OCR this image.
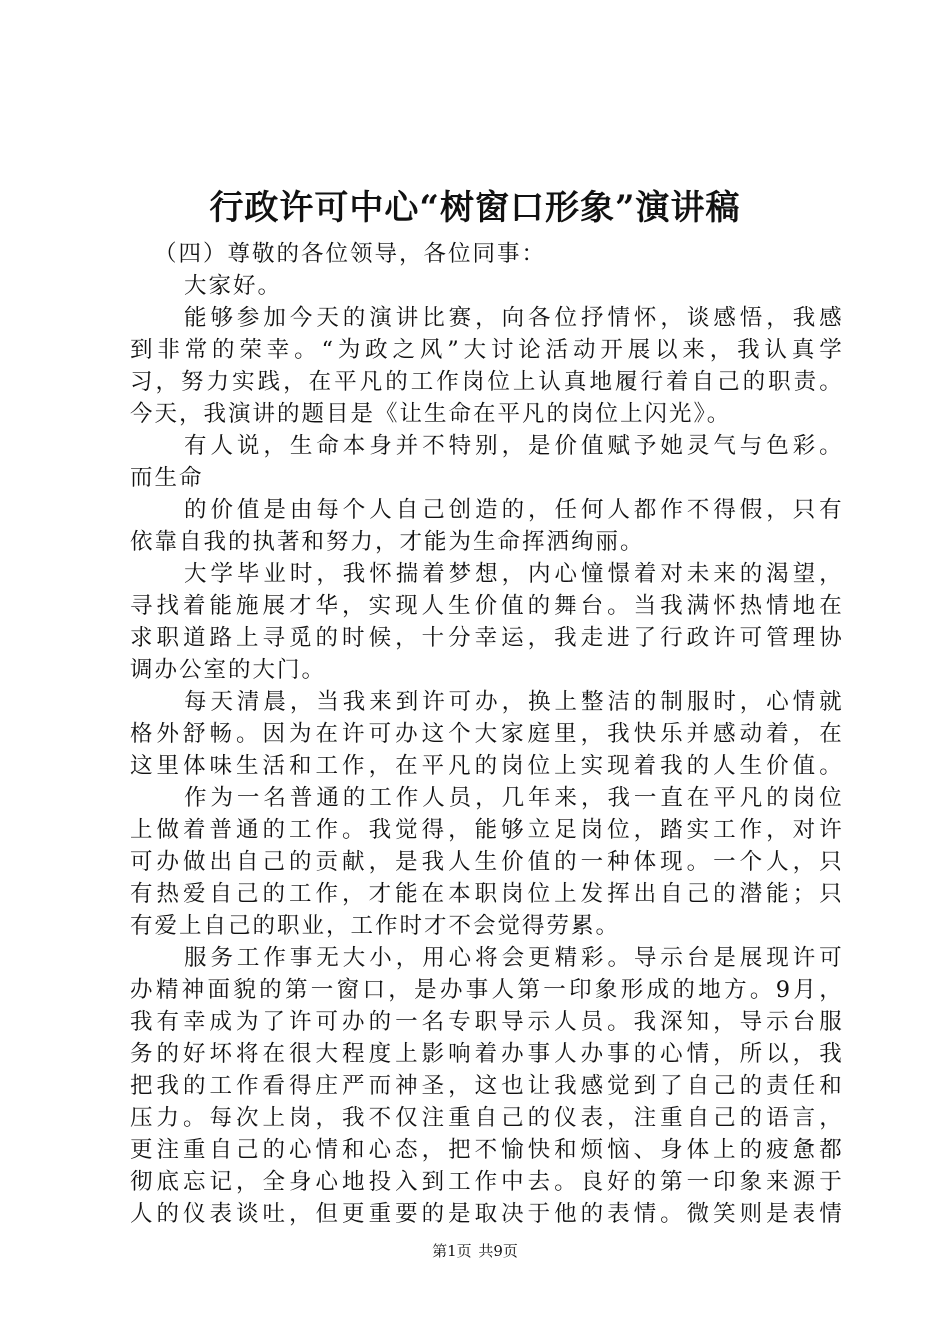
行政许可中心“树窗口形象”演讲稿
（四）尊敬的各位领导，各位同事：
大家好。
能够参加今天的演讲比赛，向各位抒情怀，谈感悟，我感
到非常的荣幸。“为政之风”大讨论活动开展以来，我认真学
习，努力实践，在平凡的工作岗位上认真地履行着自己的职责。
今天，我演讲的题目是《让生命在平凡的岗位上闪光》。
有人说，生命本身并不特别，是价值赋予她灵气与色彩。
而生命
的价值是由每个人自己创造的，任何人都作不得假，只有
依靠自我的执著和努力，才能为生命挥洒绚丽。
大学毕业时，我怀揣着梦想，内心憧憬着对未来的渴望，
寻找着能施展才华，实现人生价值的舞台。当我满怀热情地在
求职道路上寻觅的时候，十分幸运，我走进了行政许可管理协
调办公室的大门。
每天清晨，当我来到许可办，换上整洁的制服时，心情就
格外舒畅。因为在许可办这个大家庭里，我快乐并感动着，在
这里体味生活和工作，在平凡的岗位上实现着我的人生价值。
作为一名普通的工作人员，几年来，我一直在平凡的岗位
上做着普通的工作。我觉得，能够立足岗位，踏实工作，对许
可办做出自己的贡献，是我人生价值的一种体现。一个人，只
有热爱自己的工作，才能在本职岗位上发挥出自己的潜能；只
有爱上自己的职业，工作时才不会觉得劳累。
服务工作事无大小，用心将会更精彩。导示台是展现许可
办精神面貌的第一窗口，是办事人第一印象形成的地方。9月，
我有幸成为了许可办的一名专职导示人员。我深知，导示台服
务的好坏将在很大程度上影响着办事人办事的心情，所以，我
把我的工作看得庄严而神圣，这也让我感觉到了自己的责任和
压力。每次上岗，我不仅注重自己的仪表，注重自己的语言，
更注重自己的心情和心态，把不愉快和烦恼、身体上的疲惫都
彻底忘记，全身心地投入到工作中去。良好的第一印象来源于
人的仪表谈吐，但更重要的是取决于他的表情。微笑则是表情
第1页 共9页
